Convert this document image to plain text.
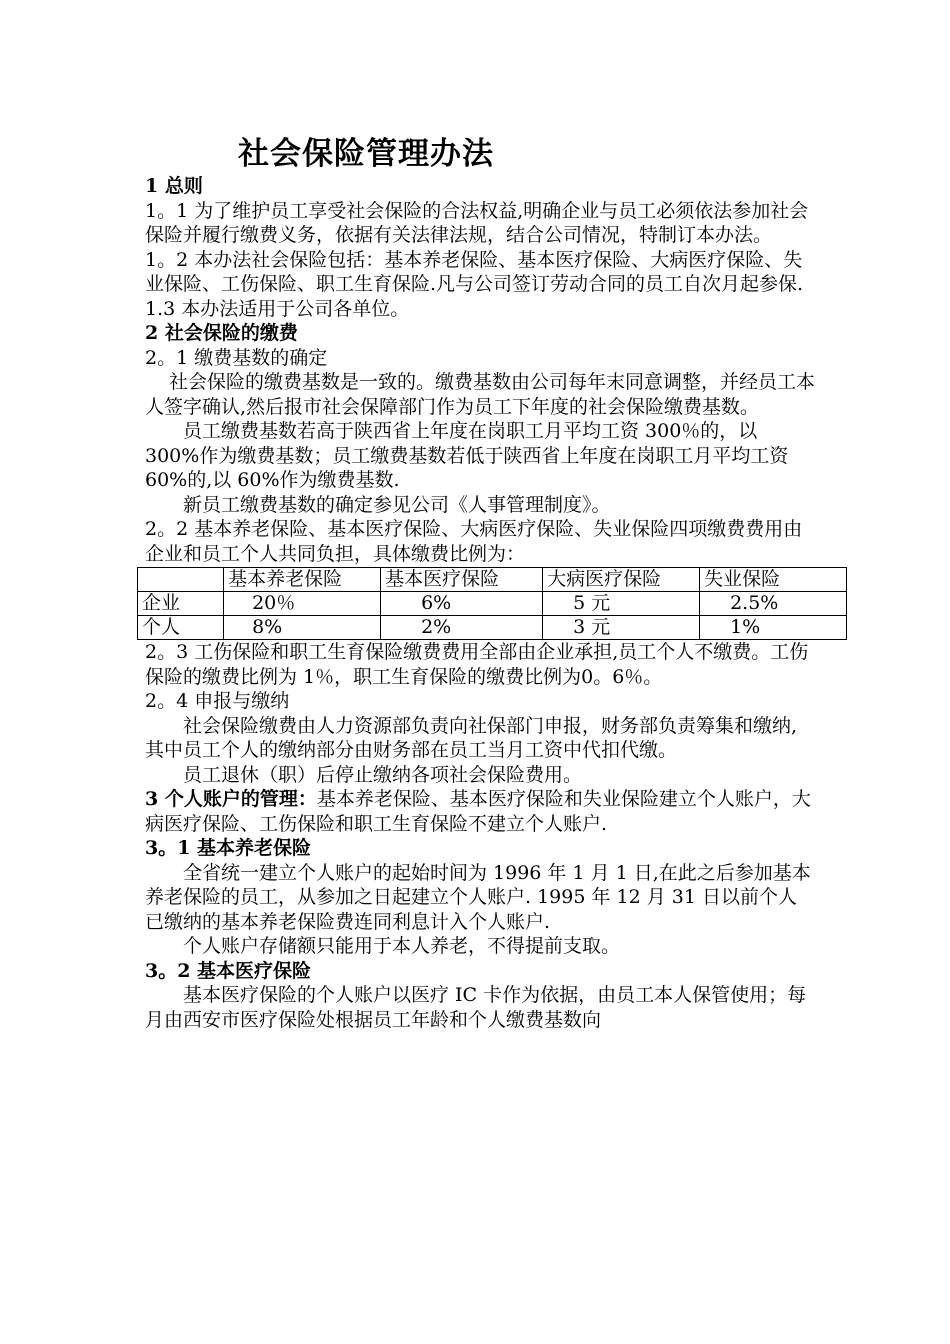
社会保险管理办法

1 总则

1。1 为了维护员工享受社会保险的合法权益,明确企业与员工必须依法参加社会保险并履行缴费义务，依据有关法律法规，结合公司情况，特制订本办法。

1。2 本办法社会保险包括：基本养老保险、基本医疗保险、大病医疗保险、失业保险、工伤保险、职工生育保险.凡与公司签订劳动合同的员工自次月起参保.

1.3 本办法适用于公司各单位。

2 社会保险的缴费

2。1 缴费基数的确定

社会保险的缴费基数是一致的。缴费基数由公司每年末同意调整，并经员工本人签字确认,然后报市社会保障部门作为员工下年度的社会保险缴费基数。

员工缴费基数若高于陕西省上年度在岗职工月平均工资 300％的，以 300%作为缴费基数；员工缴费基数若低于陕西省上年度在岗职工月平均工资 60%的,以 60%作为缴费基数.

新员工缴费基数的确定参见公司《人事管理制度》。

2。2 基本养老保险、基本医疗保险、大病医疗保险、失业保险四项缴费费用由企业和员工个人共同负担，具体缴费比例为：

	基本养老保险	基本医疗保险	大病医疗保险	失业保险
企业	20％	6%	5 元	2.5%
个人	8%	2%	3 元	1%

2。3 工伤保险和职工生育保险缴费费用全部由企业承担,员工个人不缴费。工伤保险的缴费比例为 1％，职工生育保险的缴费比例为0。6％。

2。4 申报与缴纳

社会保险缴费由人力资源部负责向社保部门申报，财务部负责筹集和缴纳,其中员工个人的缴纳部分由财务部在员工当月工资中代扣代缴。

员工退休（职）后停止缴纳各项社会保险费用。

3 个人账户的管理：基本养老保险、基本医疗保险和失业保险建立个人账户，大病医疗保险、工伤保险和职工生育保险不建立个人账户.

3。1 基本养老保险

全省统一建立个人账户的起始时间为 1996 年 1 月 1 日,在此之后参加基本养老保险的员工，从参加之日起建立个人账户. 1995 年 12 月 31 日以前个人已缴纳的基本养老保险费连同利息计入个人账户.

个人账户存储额只能用于本人养老，不得提前支取。

3。2 基本医疗保险

基本医疗保险的个人账户以医疗 IC 卡作为依据，由员工本人保管使用；每月由西安市医疗保险处根据员工年龄和个人缴费基数向
